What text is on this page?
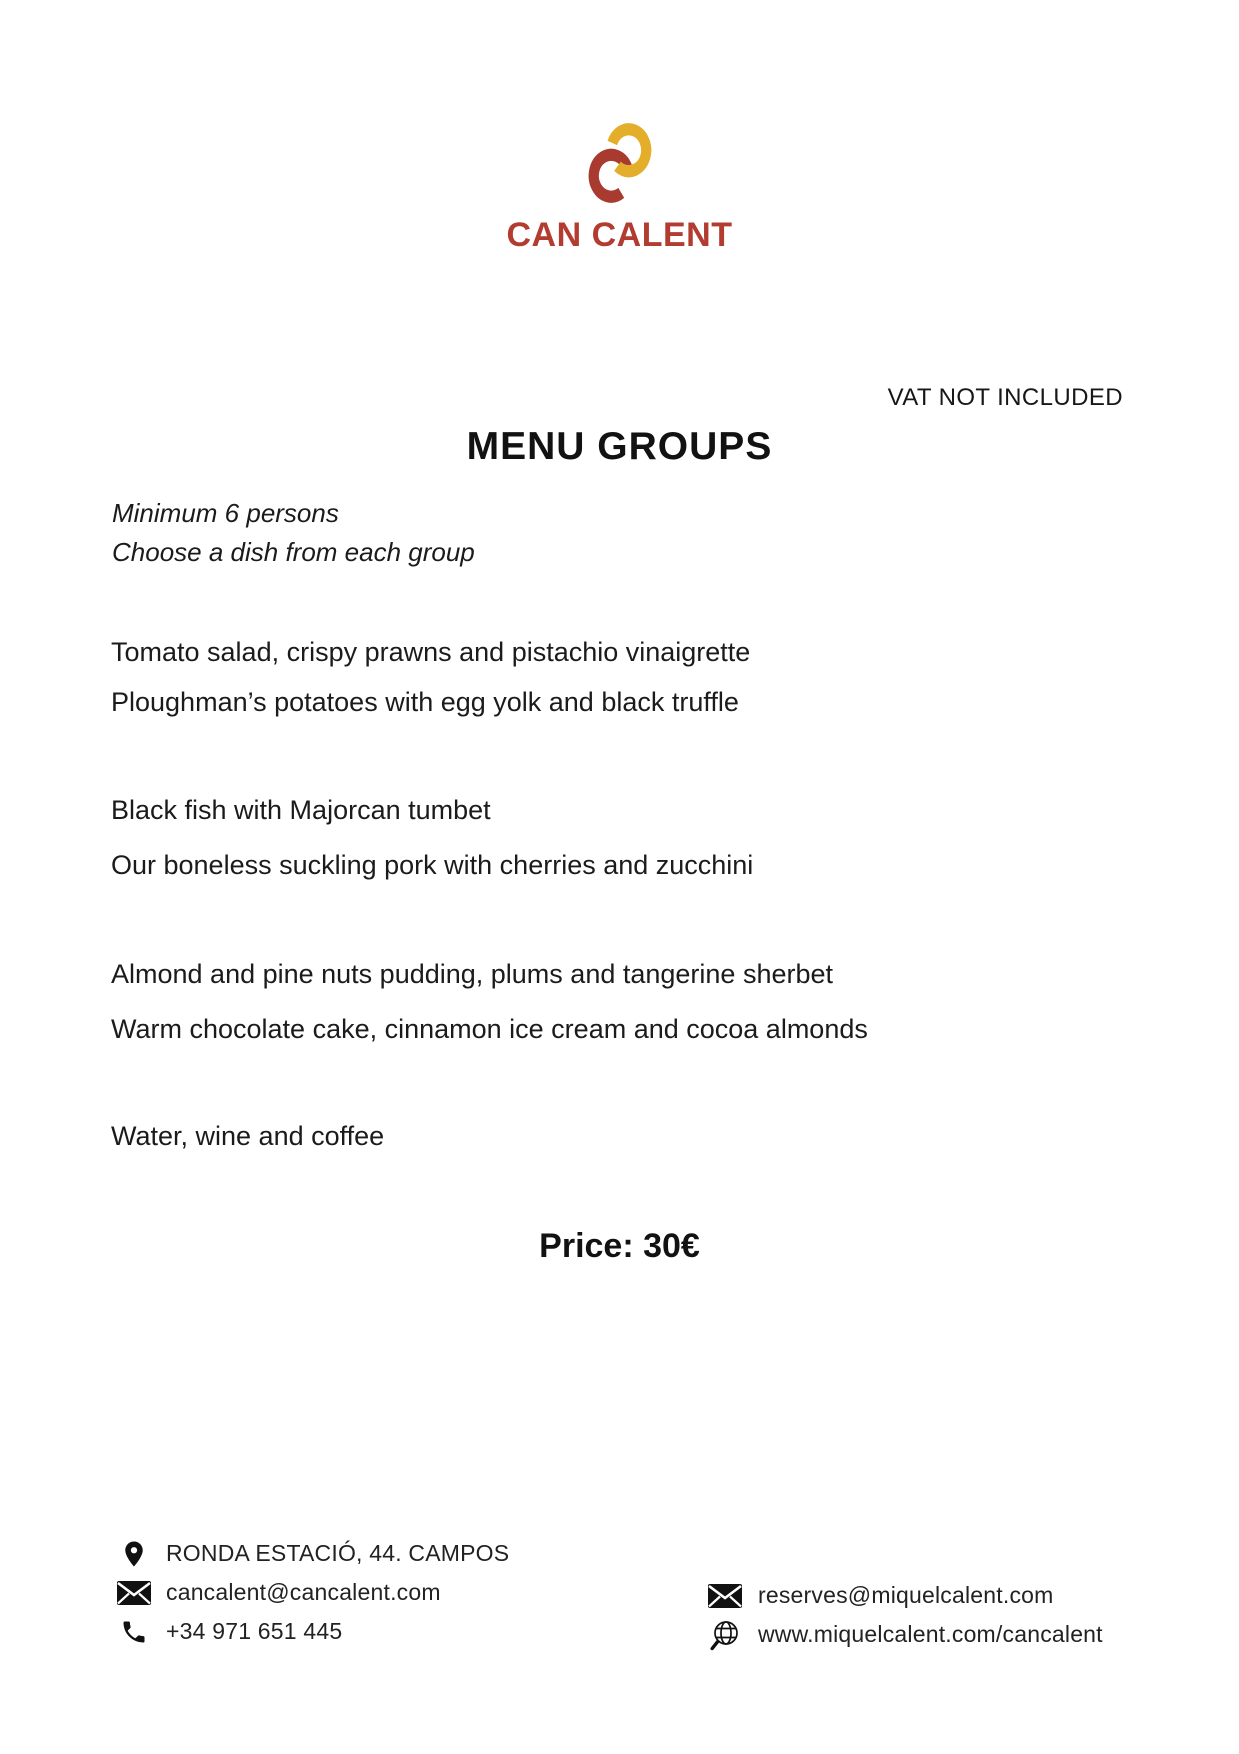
CAN CALENT
VAT NOT INCLUDED
MENU GROUPS
Minimum 6 persons
Choose a dish from each group
Tomato salad, crispy prawns and pistachio vinaigrette
Ploughman’s potatoes with egg yolk and black truffle
Black fish with Majorcan tumbet
Our boneless suckling pork with cherries and zucchini
Almond and pine nuts pudding, plums and tangerine sherbet
Warm chocolate cake, cinnamon ice cream and cocoa almonds
Water, wine and coffee
Price: 30€
RONDA ESTACIÓ, 44. CAMPOS
cancalent@cancalent.com
+34 971 651 445
reserves@miquelcalent.com
www.miquelcalent.com/cancalent
